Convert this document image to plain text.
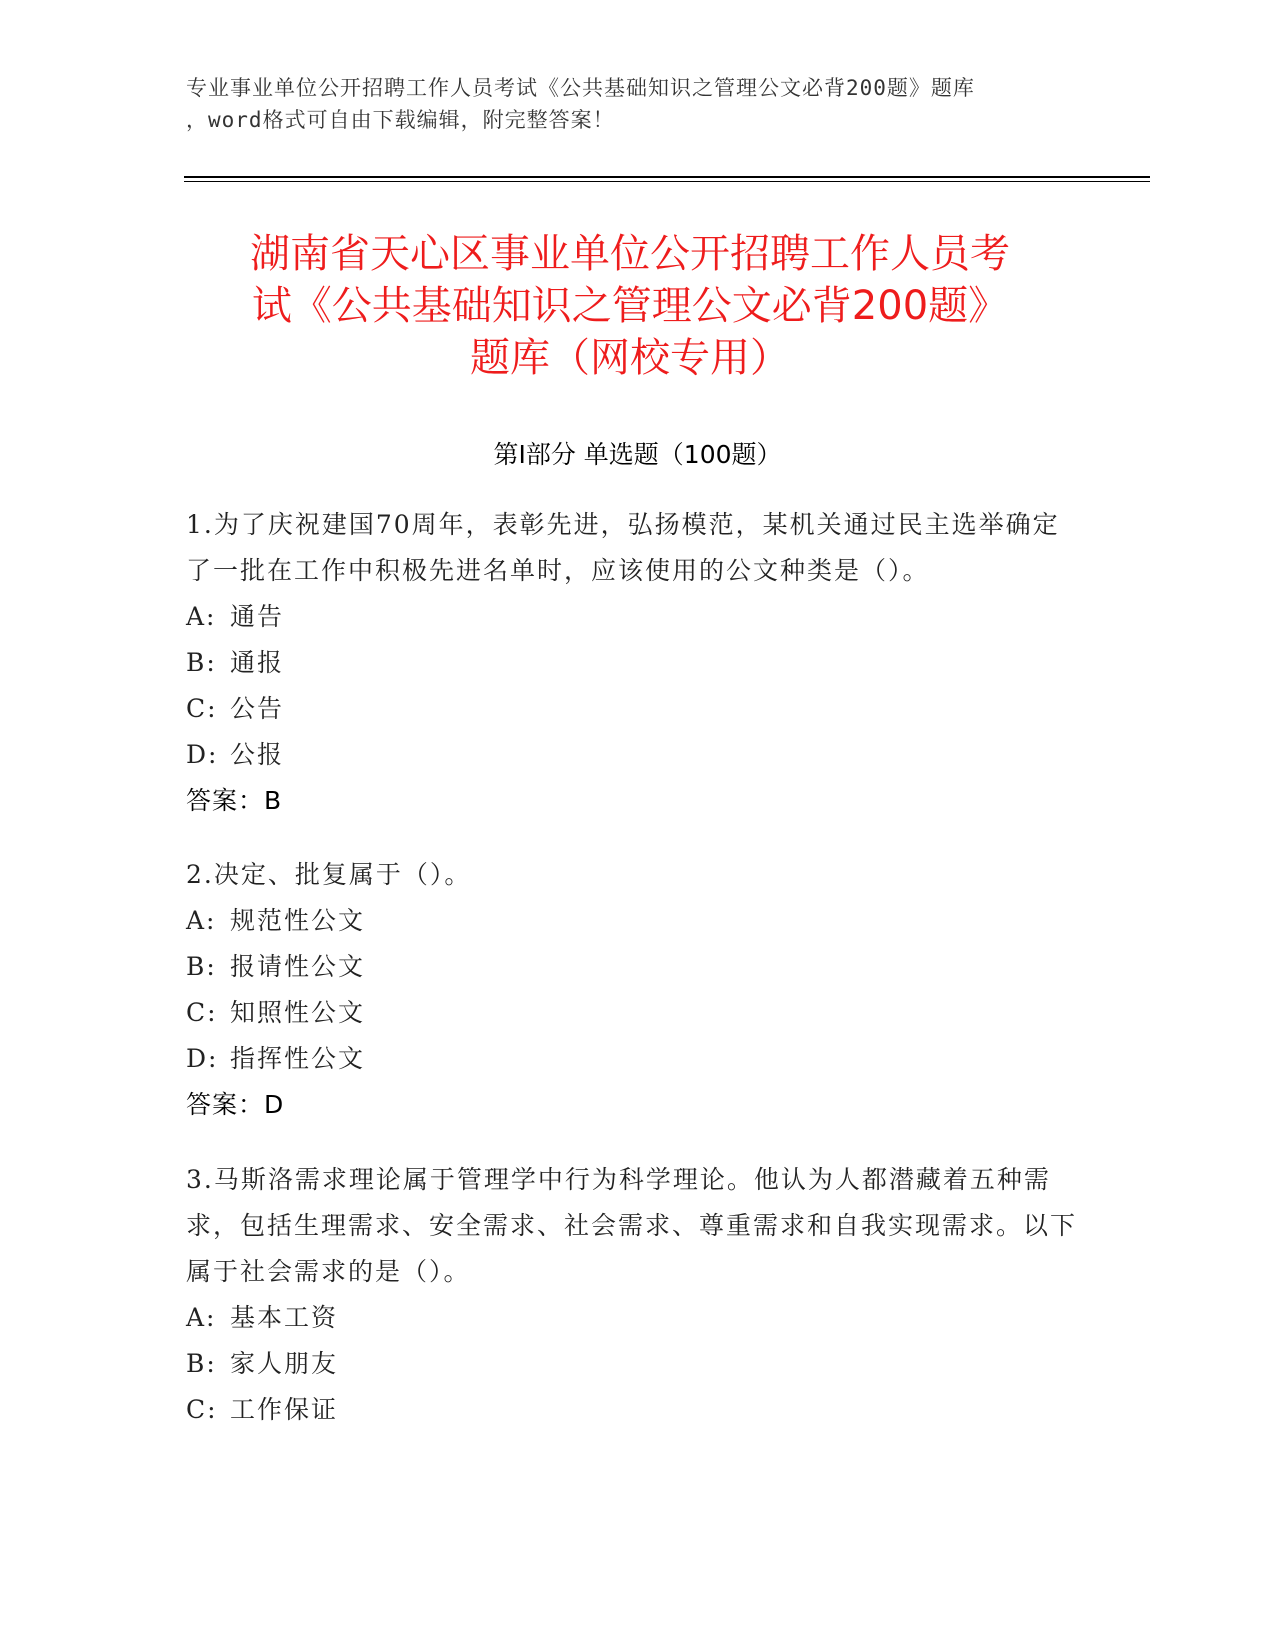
专业事业单位公开招聘工作人员考试《公共基础知识之管理公文必背200题》题库
，word格式可自由下载编辑，附完整答案！
湖南省天心区事业单位公开招聘工作人员考
试《公共基础知识之管理公文必背200题》
题库（网校专用）
第Ⅰ部分 单选题（100题）
1.为了庆祝建国70周年，表彰先进，弘扬模范，某机关通过民主选举确定了一批在工作中积极先进名单时，应该使用的公文种类是（）。
A: 通告
B: 通报
C: 公告
D: 公报
答案：B
2.决定、批复属于（）。
A: 规范性公文
B: 报请性公文
C: 知照性公文
D: 指挥性公文
答案：D
3.马斯洛需求理论属于管理学中行为科学理论。他认为人都潜藏着五种需求，包括生理需求、安全需求、社会需求、尊重需求和自我实现需求。以下属于社会需求的是（）。
A: 基本工资
B: 家人朋友
C: 工作保证
